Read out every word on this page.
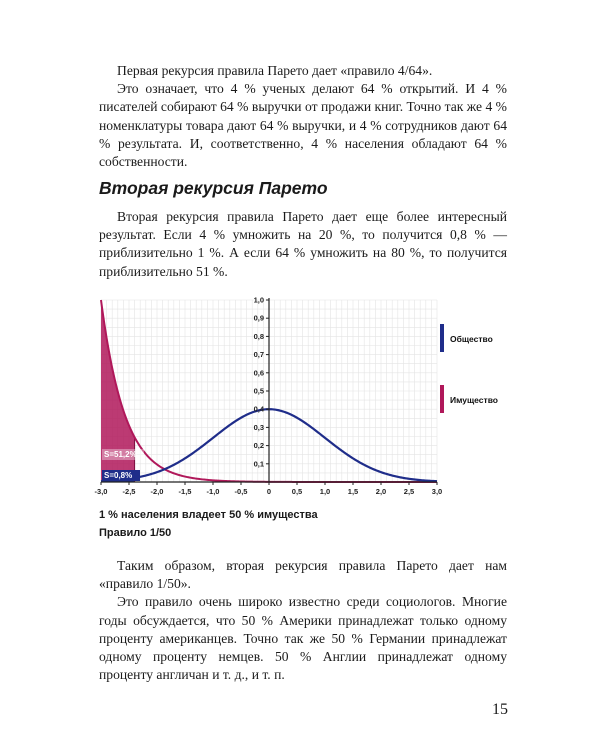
Первая рекурсия правила Парето дает «правило 4/64».

Это означает, что 4 % ученых делают 64 % открытий. И 4 % писателей собирают 64 % выручки от продажи книг. Точно так же 4 % номенклатуры товара дают 64 % выручки, и 4 % сотрудников дают 64 % результата. И, соответственно, 4 % населения обладают 64 % собственности.

Вторая рекурсия Парето

Вторая рекурсия правила Парето дает еще более интересный результат. Если 4 % умножить на 20 %, то получится 0,8 % — приблизительно 1 %. А если 64 % умножить на 80 %, то получится приблизительно 51 %.

-3,0 -2,5 -2,0 -1,5 -1,0 -0,5	0	0,5 1,0 1,5 2,0 2,5 3,0
0,1
0,2
0,3
0,4
0,5
0,6
0,7
0,8
0,9
1,0
S=51,2%
S=0,8%
Общество
Имущество
1 % населения владеет 50 % имущества
Правило 1/50

Таким образом, вторая рекурсия правила Парето дает нам «правило 1/50».

Это правило очень широко известно среди социологов. Многие годы обсуждается, что 50 % Америки принадлежат только одному проценту американцев. Точно так же 50 % Германии принадлежат одному проценту немцев. 50 % Англии принадлежат одному проценту англичан и т. д., и т. п.

15
